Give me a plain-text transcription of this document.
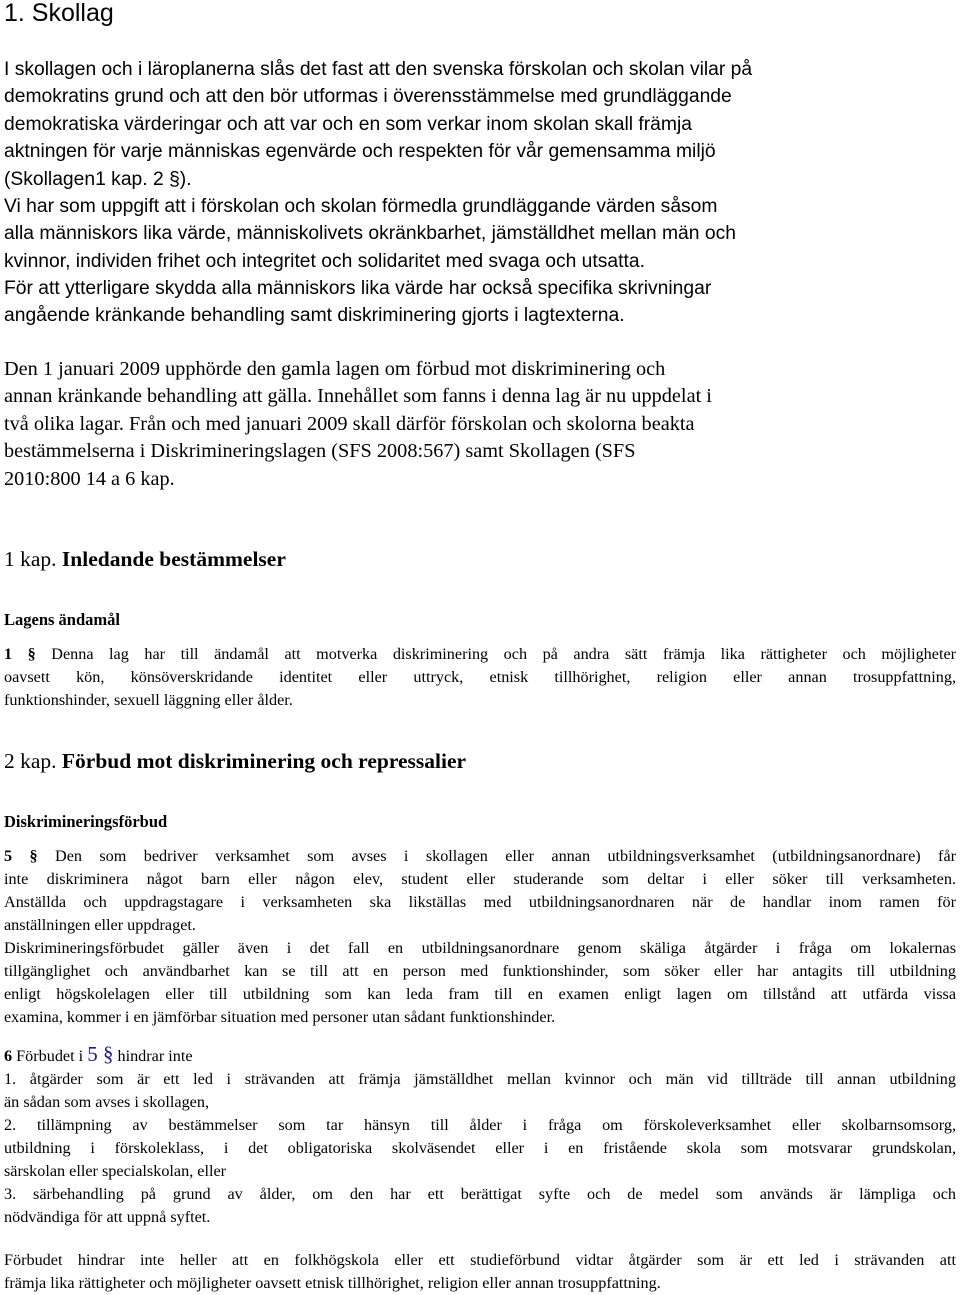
1. Skollag
I skollagen och i läroplanerna slås det fast att den svenska förskolan och skolan vilar på
demokratins grund och att den bör utformas i överensstämmelse med grundläggande
demokratiska värderingar och att var och en som verkar inom skolan skall främja
aktningen för varje människas egenvärde och respekten för vår gemensamma miljö
(Skollagen1 kap. 2 §).
Vi har som uppgift att i förskolan och skolan förmedla grundläggande värden såsom
alla människors lika värde, människolivets okränkbarhet, jämställdhet mellan män och
kvinnor, individen frihet och integritet och solidaritet med svaga och utsatta.
För att ytterligare skydda alla människors lika värde har också specifika skrivningar
angående kränkande behandling samt diskriminering gjorts i lagtexterna.
Den 1 januari 2009 upphörde den gamla lagen om förbud mot diskriminering och
annan kränkande behandling att gälla. Innehållet som fanns i denna lag är nu uppdelat i
två olika lagar. Från och med januari 2009 skall därför förskolan och skolorna beakta
bestämmelserna i Diskrimineringslagen (SFS 2008:567) samt Skollagen (SFS
2010:800 14 a 6 kap.
1 kap. Inledande bestämmelser
Lagens ändamål
1 § Denna lag har till ändamål att motverka diskriminering och på andra sätt främja lika rättigheter och möjligheter
oavsett kön, könsöverskridande identitet eller uttryck, etnisk tillhörighet, religion eller annan trosuppfattning,
funktionshinder, sexuell läggning eller ålder.
2 kap. Förbud mot diskriminering och repressalier
Diskrimineringsförbud
5 § Den som bedriver verksamhet som avses i skollagen eller annan utbildningsverksamhet (utbildningsanordnare) får
inte diskriminera något barn eller någon elev, student eller studerande som deltar i eller söker till verksamheten.
Anställda och uppdragstagare i verksamheten ska likställas med utbildningsanordnaren när de handlar inom ramen för
anställningen eller uppdraget.
Diskrimineringsförbudet gäller även i det fall en utbildningsanordnare genom skäliga åtgärder i fråga om lokalernas
tillgänglighet och användbarhet kan se till att en person med funktionshinder, som söker eller har antagits till utbildning
enligt högskolelagen eller till utbildning som kan leda fram till en examen enligt lagen om tillstånd att utfärda vissa
examina, kommer i en jämförbar situation med personer utan sådant funktionshinder.
6 Förbudet i 5 § hindrar inte
1. åtgärder som är ett led i strävanden att främja jämställdhet mellan kvinnor och män vid tillträde till annan utbildning
än sådan som avses i skollagen,
2. tillämpning av bestämmelser som tar hänsyn till ålder i fråga om förskoleverksamhet eller skolbarnsomsorg,
utbildning i förskoleklass, i det obligatoriska skolväsendet eller i en fristående skola som motsvarar grundskolan,
särskolan eller specialskolan, eller
3. särbehandling på grund av ålder, om den har ett berättigat syfte och de medel som används är lämpliga och
nödvändiga för att uppnå syftet.
Förbudet hindrar inte heller att en folkhögskola eller ett studieförbund vidtar åtgärder som är ett led i strävanden att
främja lika rättigheter och möjligheter oavsett etnisk tillhörighet, religion eller annan trosuppfattning.
